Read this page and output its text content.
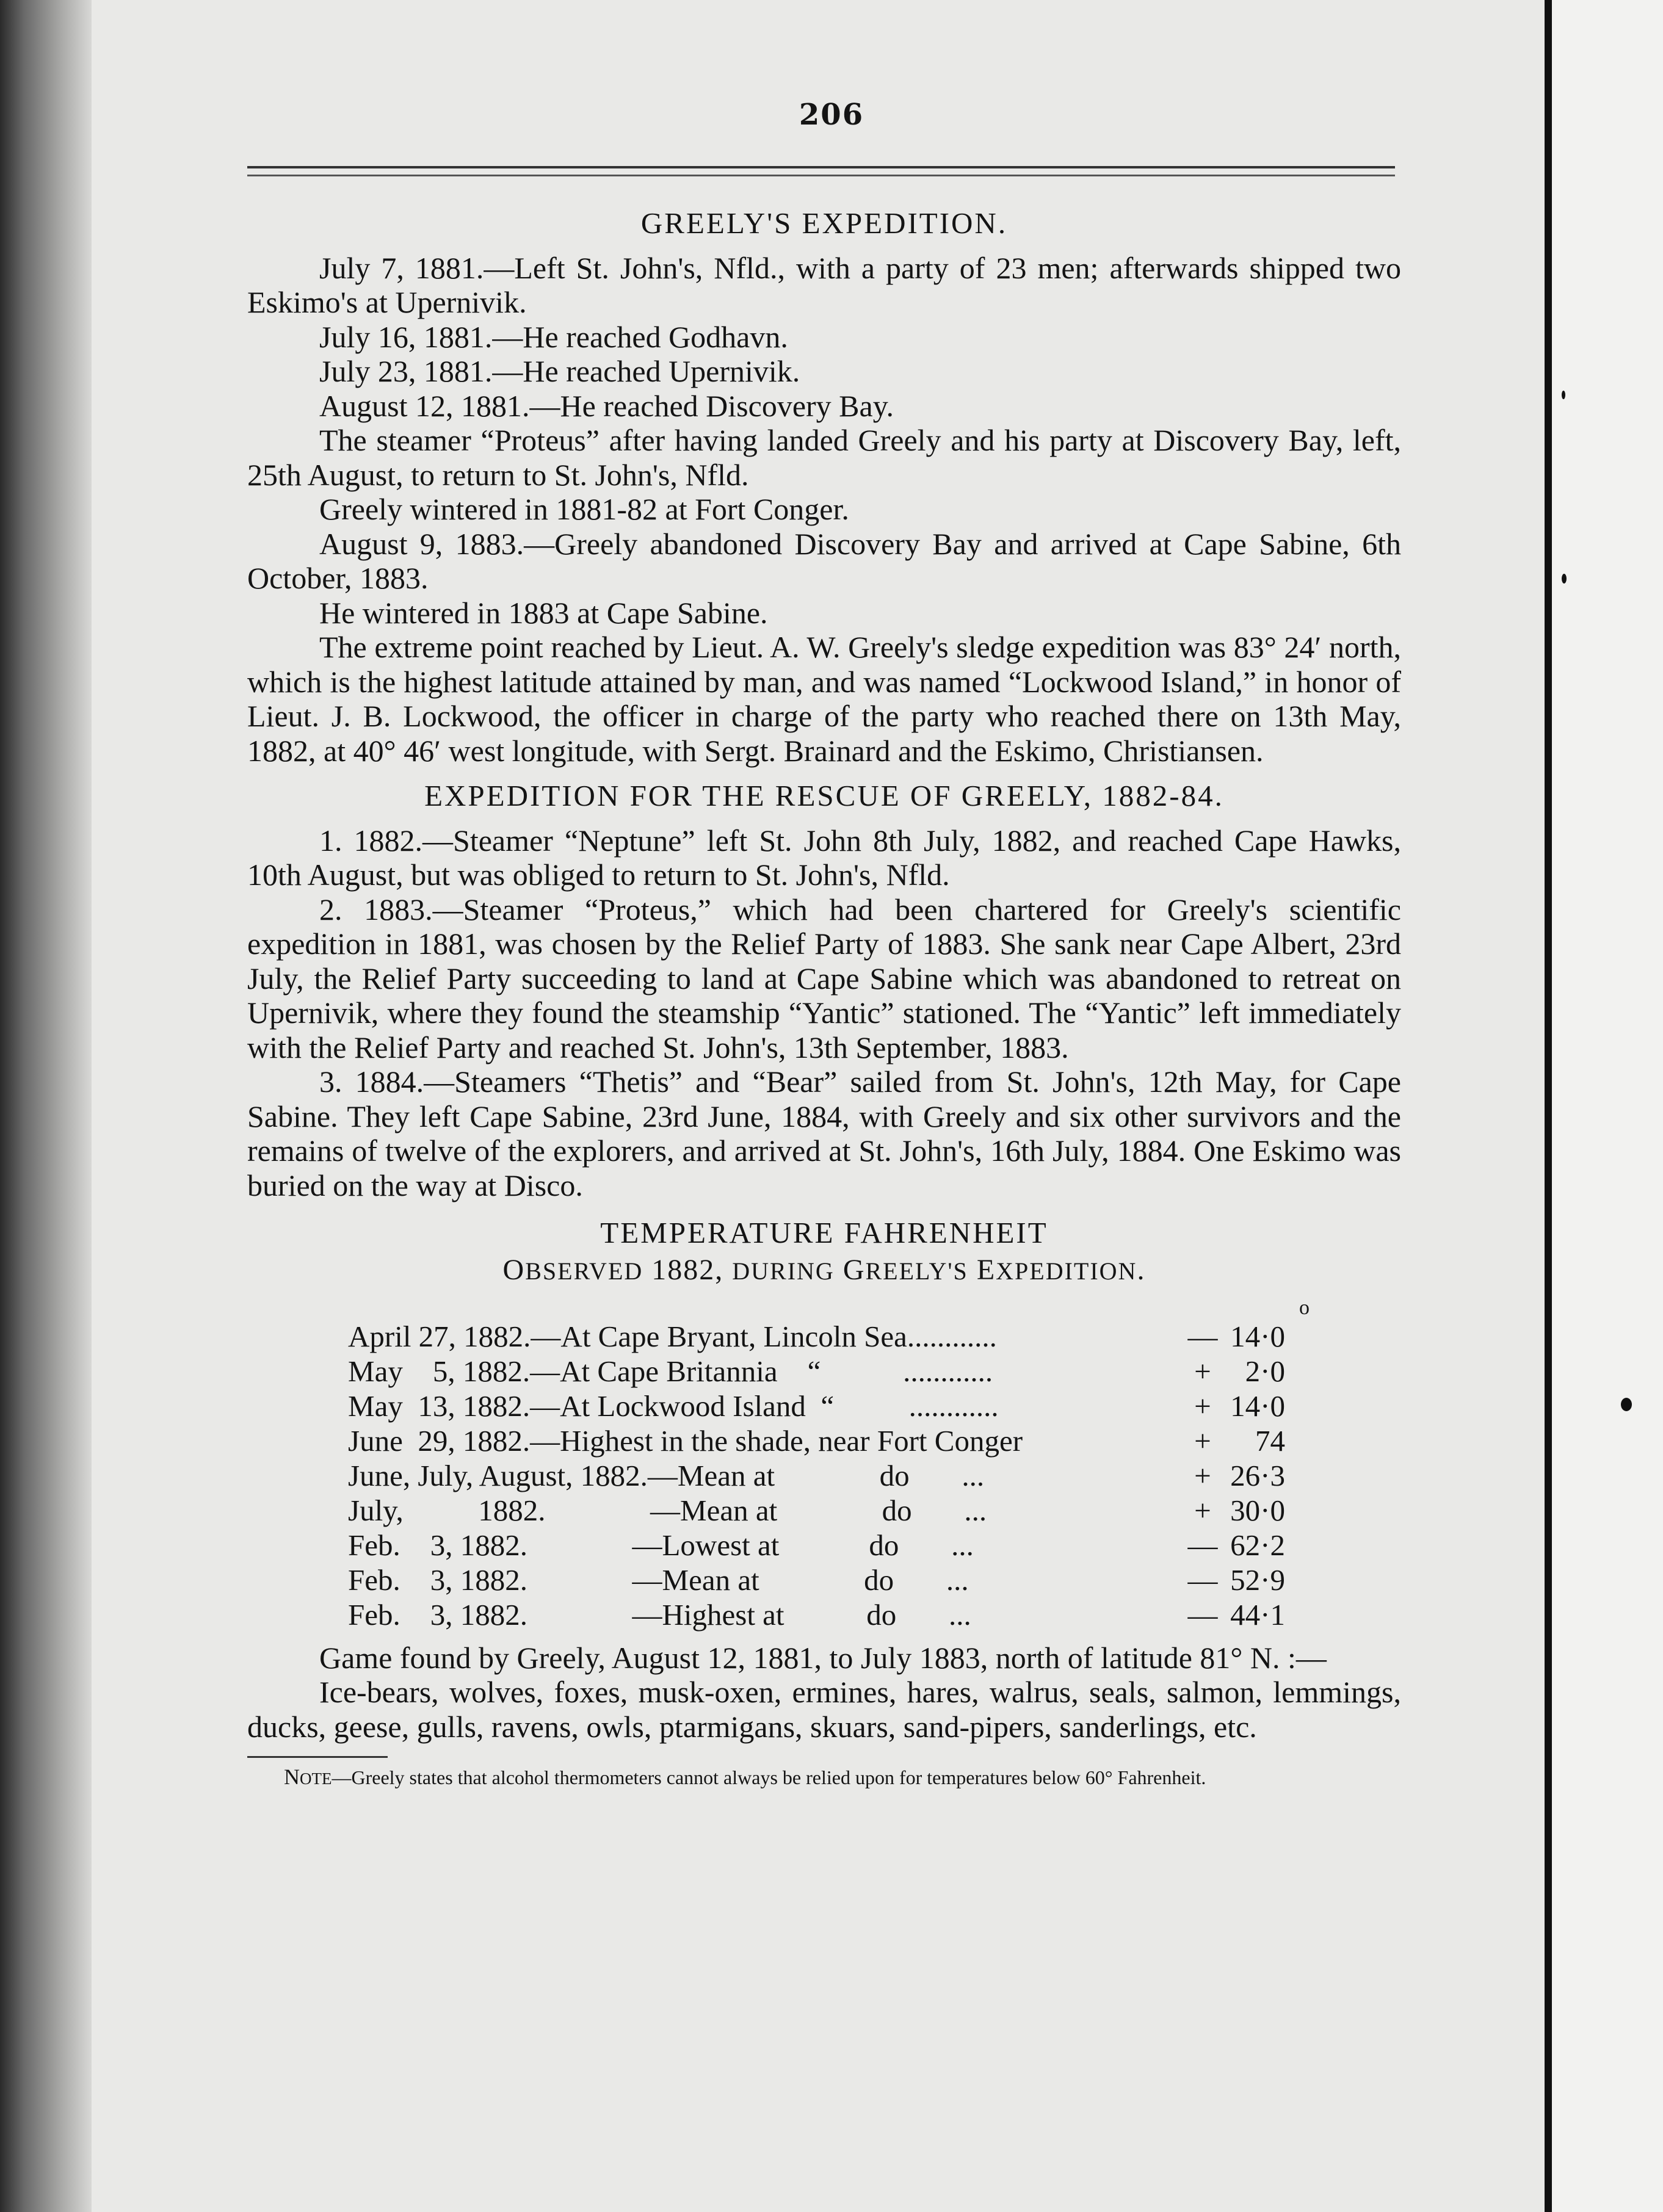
206
GREELY'S EXPEDITION.

July 7, 1881.—Left St. John's, Nfld., with a party of 23 men; afterwards shipped two Eskimo's at Upernivik.

July 16, 1881.—He reached Godhavn.

July 23, 1881.—He reached Upernivik.

August 12, 1881.—He reached Discovery Bay.

The steamer “Proteus” after having landed Greely and his party at Discovery Bay, left, 25th August, to return to St. John's, Nfld.

Greely wintered in 1881-82 at Fort Conger.

August 9, 1883.—Greely abandoned Discovery Bay and arrived at Cape Sabine, 6th October, 1883.

He wintered in 1883 at Cape Sabine.

The extreme point reached by Lieut. A. W. Greely's sledge expedition was 83° 24′ north, which is the highest latitude attained by man, and was named “Lockwood Island,” in honor of Lieut. J. B. Lockwood, the officer in charge of the party who reached there on 13th May, 1882, at 40° 46′ west longitude, with Sergt. Brainard and the Eskimo, Christiansen.

EXPEDITION FOR THE RESCUE OF GREELY, 1882-84.

1. 1882.—Steamer “Neptune” left St. John 8th July, 1882, and reached Cape Hawks, 10th August, but was obliged to return to St. John's, Nfld.

2. 1883.—Steamer “Proteus,” which had been chartered for Greely's scientific expedition in 1881, was chosen by the Relief Party of 1883. She sank near Cape Albert, 23rd July, the Relief Party succeeding to land at Cape Sabine which was abandoned to retreat on Upernivik, where they found the steamship “Yantic” stationed. The “Yantic” left immediately with the Relief Party and reached St. John's, 13th September, 1883.

3. 1884.—Steamers “Thetis” and “Bear” sailed from St. John's, 12th May, for Cape Sabine. They left Cape Sabine, 23rd June, 1884, with Greely and six other survivors and the remains of twelve of the explorers, and arrived at St. John's, 16th July, 1884. One Eskimo was buried on the way at Disco.

TEMPERATURE FAHRENHEIT
OBSERVED 1882, DURING GREELY'S EXPEDITION.
o
April 27, 1882.—At Cape Bryant, Lincoln Sea............	—	14·0
May    5, 1882.—At Cape Britannia    “           ............	+	2·0
May  13, 1882.—At Lockwood Island  “          ............	+	14·0
June  29, 1882.—Highest in the shade, near Fort Conger	+	74
June, July, August, 1882.—Mean at              do       ...	+	26·3
July,          1882.              —Mean at              do       ...	+	30·0
Feb.    3, 1882.              —Lowest at            do       ...	—	62·2
Feb.    3, 1882.              —Mean at              do       ...	—	52·9
Feb.    3, 1882.              —Highest at           do       ...	—	44·1

Game found by Greely, August 12, 1881, to July 1883, north of latitude 81° N. :—

Ice-bears, wolves, foxes, musk-oxen, ermines, hares, walrus, seals, salmon, lemmings, ducks, geese, gulls, ravens, owls, ptarmigans, skuars, sand-pipers, sanderlings, etc.

NOTE—Greely states that alcohol thermometers cannot always be relied upon for temperatures below 60° Fahrenheit.
